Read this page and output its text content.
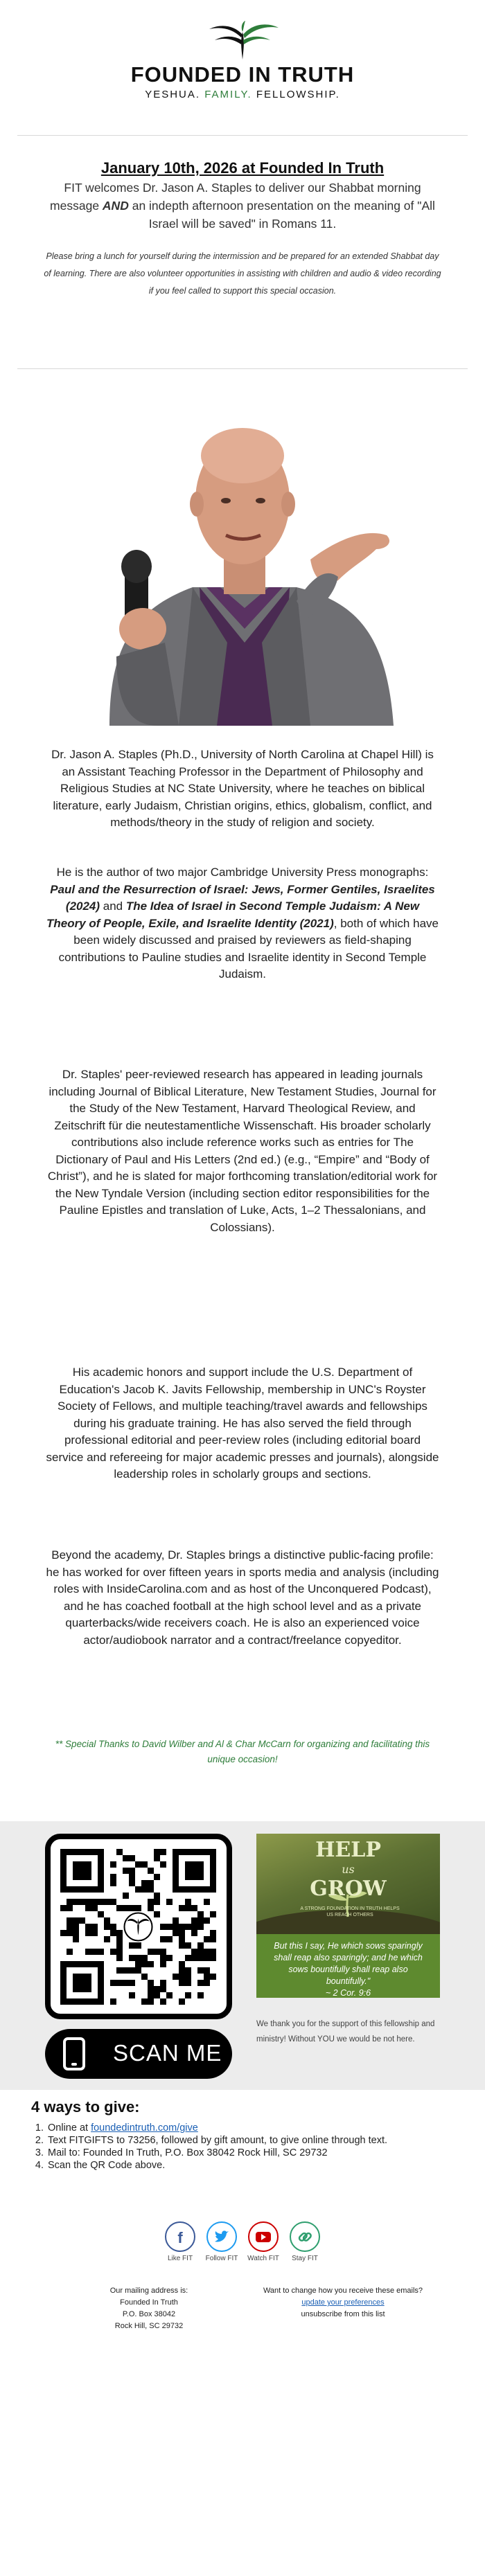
FOUNDED IN TRUTH
YESHUA. FAMILY. FELLOWSHIP.
January 10th, 2026 at Founded In Truth

FIT welcomes Dr. Jason A. Staples to deliver our Shabbat morning message AND an indepth afternoon presentation on the meaning of "All Israel will be saved" in Romans 11.

Please bring a lunch for yourself during the intermission and be prepared for an extended Shabbat day of learning. There are also volunteer opportunities in assisting with children and audio & video recording if you feel called to support this special occasion.

Dr. Jason A. Staples (Ph.D., University of North Carolina at Chapel Hill) is an Assistant Teaching Professor in the Department of Philosophy and Religious Studies at NC State University, where he teaches on biblical literature, early Judaism, Christian origins, ethics, globalism, conflict, and methods/theory in the study of religion and society.

He is the author of two major Cambridge University Press monographs: Paul and the Resurrection of Israel: Jews, Former Gentiles, Israelites (2024) and The Idea of Israel in Second Temple Judaism: A New Theory of People, Exile, and Israelite Identity (2021), both of which have been widely discussed and praised by reviewers as field-shaping contributions to Pauline studies and Israelite identity in Second Temple Judaism.

Dr. Staples' peer-reviewed research has appeared in leading journals including Journal of Biblical Literature, New Testament Studies, Journal for the Study of the New Testament, Harvard Theological Review, and Zeitschrift für die neutestamentliche Wissenschaft. His broader scholarly contributions also include reference works such as entries for The Dictionary of Paul and His Letters (2nd ed.) (e.g., “Empire” and “Body of Christ”), and he is slated for major forthcoming translation/editorial work for the New Tyndale Version (including section editor responsibilities for the Pauline Epistles and translation of Luke, Acts, 1–2 Thessalonians, and Colossians).

His academic honors and support include the U.S. Department of Education's Jacob K. Javits Fellowship, membership in UNC's Royster Society of Fellows, and multiple teaching/travel awards and fellowships during his graduate training. He has also served the field through professional editorial and peer-review roles (including editorial board service and refereeing for major academic presses and journals), alongside leadership roles in scholarly groups and sections.

Beyond the academy, Dr. Staples brings a distinctive public-facing profile: he has worked for over fifteen years in sports media and analysis (including roles with InsideCarolina.com and as host of the Unconquered Podcast), and he has coached football at the high school level and as a private quarterbacks/wide receivers coach. He is also an experienced voice actor/audiobook narrator and a contract/freelance copyeditor.

** Special Thanks to David Wilber and Al & Char McCarn for organizing and facilitating this unique occasion!

SCAN ME
HELP
us
GROW
A STRONG FOUNDATION IN TRUTH HELPS US REACH OTHERS
But this I say, He which sows sparingly shall reap also sparingly; and he which sows bountifully shall reap also bountifully."
~ 2 Cor. 9:6

We thank you for the support of this fellowship and ministry! Without YOU we would be not here.

4 ways to give:
1. Online at foundedintruth.com/give
2. Text FITGIFTS to 73256, followed by gift amount, to give online through text.
3. Mail to: Founded In Truth, P.O. Box 38042 Rock Hill, SC 29732
4. Scan the QR Code above.
f
Like FIT	Follow FIT	Watch FIT	Stay FIT
Our mailing address is:
Founded In Truth
P.O. Box 38042
Rock Hill, SC 29732
Want to change how you receive these emails?
update your preferences
unsubscribe from this list
